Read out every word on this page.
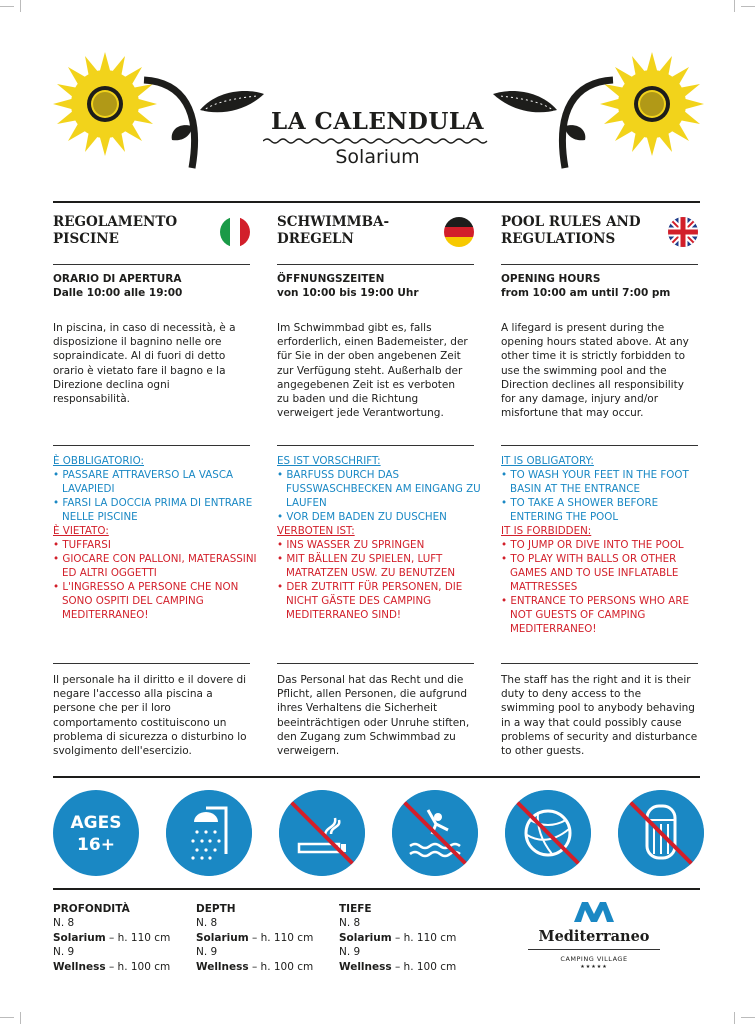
LA CALENDULA
Solarium
REGOLAMENTO PISCINE
ORARIO DI APERTURA
Dalle 10:00 alle 19:00
In piscina, in caso di necessità, è a disposizione il bagnino nelle ore sopraindicate. Al di fuori di detto orario è vietato fare il bagno e la Direzione declina ogni responsabilità.
È OBBLIGATORIO:
• PASSARE ATTRAVERSO LA VASCA LAVAPIEDI
• FARSI LA DOCCIA PRIMA DI ENTRARE NELLE PISCINE
È VIETATO:
• TUFFARSI
• GIOCARE CON PALLONI, MATERASSINI ED ALTRI OGGETTI
• L'INGRESSO A PERSONE CHE NON SONO OSPITI DEL CAMPING MEDITERRANEO!
Il personale ha il diritto e il dovere di negare l'accesso alla piscina a persone che per il loro comportamento costituiscono un problema di sicurezza o disturbino lo svolgimento dell'esercizio.
SCHWIMMBA-DREGELN
ÖFFNUNGSZEITEN
von 10:00 bis 19:00 Uhr
Im Schwimmbad gibt es, falls erforderlich, einen Bademeister, der für Sie in der oben angebenen Zeit zur Verfügung steht. Außerhalb der angegebenen Zeit ist es verboten zu baden und die Richtung verweigert jede Verantwortung.
ES IST VORSCHRIFT:
• BARFUSS DURCH DAS FUSSWASCHBECKEN AM EINGANG ZU LAUFEN
• VOR DEM BADEN ZU DUSCHEN
VERBOTEN IST:
• INS WASSER ZU SPRINGEN
• MIT BÄLLEN ZU SPIELEN, LUFT MATRATZEN USW. ZU BENUTZEN
• DER ZUTRITT FÜR PERSONEN, DIE NICHT GÄSTE DES CAMPING MEDITERRANEO SIND!
Das Personal hat das Recht und die Pflicht, allen Personen, die aufgrund ihres Verhaltens die Sicherheit beeinträchtigen oder Unruhe stiften, den Zugang zum Schwimmbad zu verweigern.
POOL RULES AND REGULATIONS
OPENING HOURS
from 10:00 am until 7:00 pm
A lifegard is present during the opening hours stated above. At any other time it is strictly forbidden to use the swimming pool and the Direction declines all responsibility for any damage, injury and/or misfortune that may occur.
IT IS OBLIGATORY:
• TO WASH YOUR FEET IN THE FOOT BASIN AT THE ENTRANCE
• TO TAKE A SHOWER BEFORE ENTERING THE POOL
IT IS FORBIDDEN:
• TO JUMP OR DIVE INTO THE POOL
• TO PLAY WITH BALLS OR OTHER GAMES AND TO USE INFLATABLE MATTRESSES
• ENTRANCE TO PERSONS WHO ARE NOT GUESTS OF CAMPING MEDITERRANEO!
The staff has the right and it is their duty to deny access to the swimming pool to anybody behaving in a way that could possibly cause problems of security and disturbance to other guests.
AGES
16+
PROFONDITÀ
N. 8
Solarium – h. 110 cm
N. 9
Wellness – h. 100 cm
DEPTH
N. 8
Solarium – h. 110 cm
N. 9
Wellness – h. 100 cm
TIEFE
N. 8
Solarium – h. 110 cm
N. 9
Wellness – h. 100 cm
Mediterraneo
CAMPING VILLAGE
★★★★★
